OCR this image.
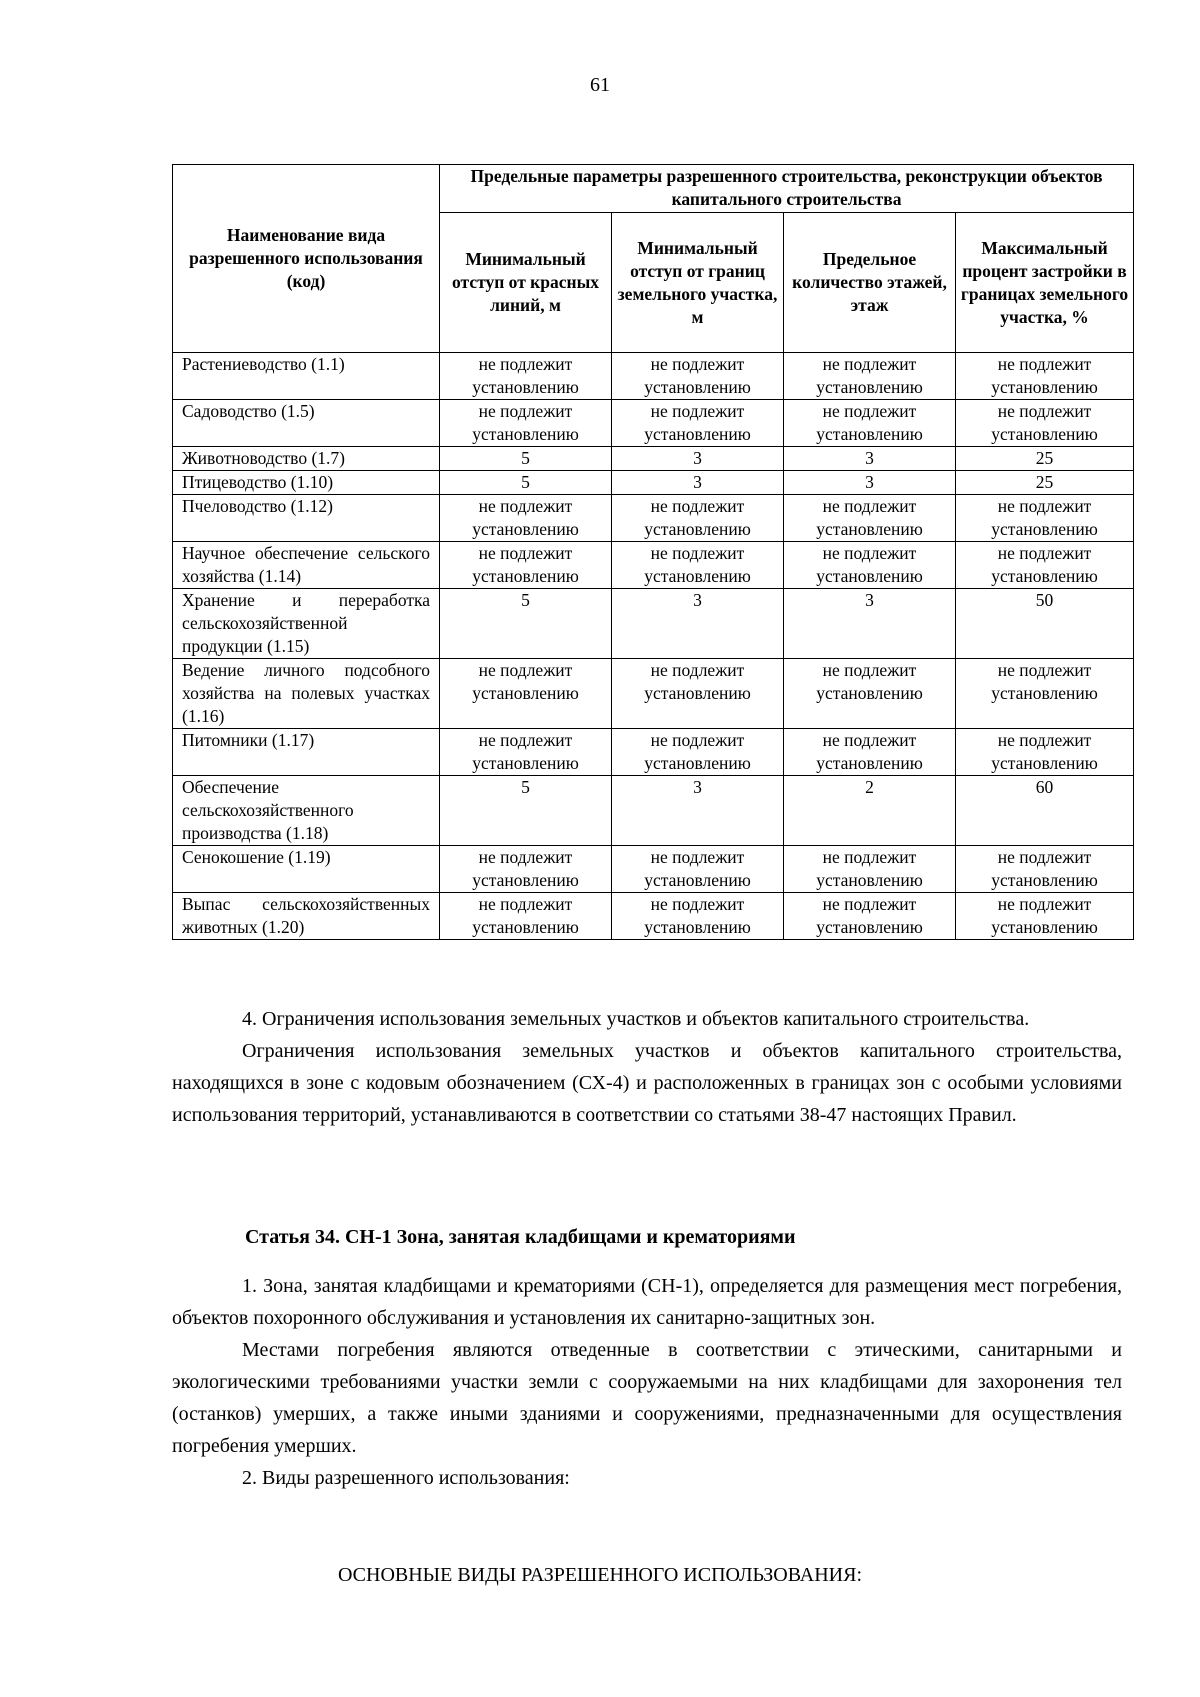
61
Наименование вида разрешенного использования (код)	Предельные параметры разрешенного строительства, реконструкции объектов капитального строительства			
	Минимальный отступ от красных линий, м	Минимальный отступ от границ земельного участка, м	Предельное количество этажей, этаж	Максимальный процент застройки в границах земельного участка, %
Растениеводство (1.1)	не подлежит установлению	не подлежит установлению	не подлежит установлению	не подлежит установлению
Садоводство (1.5)	не подлежит установлению	не подлежит установлению	не подлежит установлению	не подлежит установлению
Животноводство (1.7)	5	3	3	25
Птицеводство (1.10)	5	3	3	25
Пчеловодство (1.12)	не подлежит установлению	не подлежит установлению	не подлежит установлению	не подлежит установлению
Научное обеспечение сельского хозяйства (1.14)	не подлежит установлению	не подлежит установлению	не подлежит установлению	не подлежит установлению
Хранение и переработка сельскохозяйственной продукции (1.15)	5	3	3	50
Ведение личного подсобного хозяйства на полевых участках (1.16)	не подлежит установлению	не подлежит установлению	не подлежит установлению	не подлежит установлению
Питомники (1.17)	не подлежит установлению	не подлежит установлению	не подлежит установлению	не подлежит установлению
Обеспечение сельскохозяйственного производства (1.18)	5	3	2	60
Сенокошение (1.19)	не подлежит установлению	не подлежит установлению	не подлежит установлению	не подлежит установлению
Выпас сельскохозяйственных животных (1.20)	не подлежит установлению	не подлежит установлению	не подлежит установлению	не подлежит установлению

4. Ограничения использования земельных участков и объектов капитального строительства.

Ограничения использования земельных участков и объектов капитального строительства, находящихся в зоне с кодовым обозначением (СХ-4) и расположенных в границах зон с особыми условиями использования территорий, устанавливаются в соответствии со статьями 38-47 настоящих Правил.

Статья 34. СН-1 Зона, занятая кладбищами и крематориями

1. Зона, занятая кладбищами и крематориями (СН-1), определяется для размещения мест погребения, объектов похоронного обслуживания и установления их санитарно-защитных зон.

Местами погребения являются отведенные в соответствии с этическими, санитарными и экологическими требованиями участки земли с сооружаемыми на них кладбищами для захоронения тел (останков) умерших, а также иными зданиями и сооружениями, предназначенными для осуществления погребения умерших.

2. Виды разрешенного использования:

ОСНОВНЫЕ ВИДЫ РАЗРЕШЕННОГО ИСПОЛЬЗОВАНИЯ:
